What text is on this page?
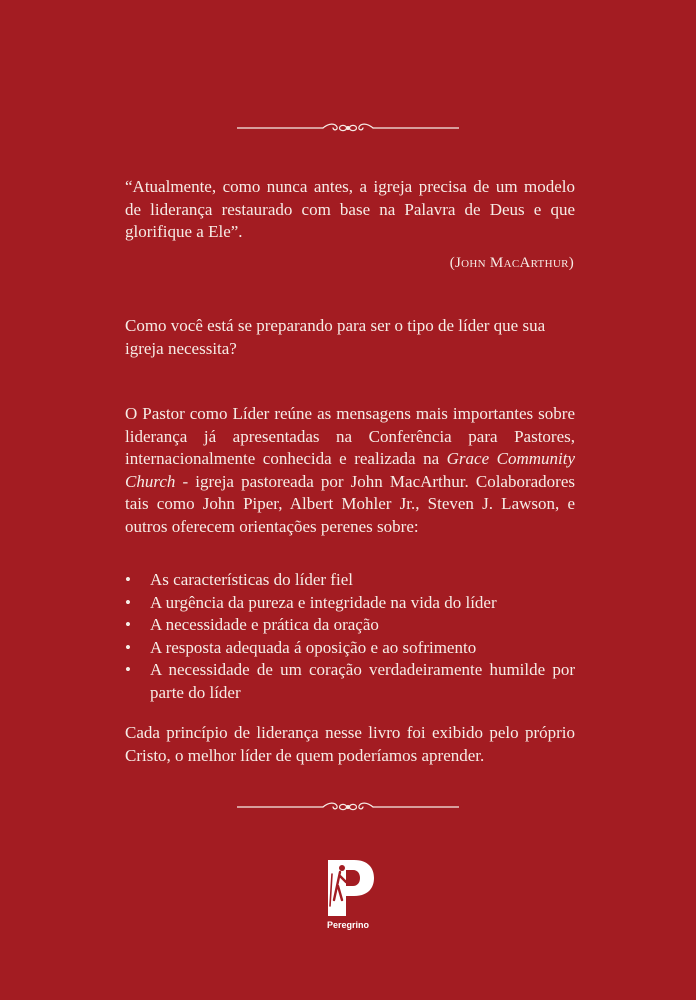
“Atualmente, como nunca antes, a igreja precisa de um modelo de liderança restaurado com base na Palavra de Deus e que glorifique a Ele”.
(John MacArthur)
Como você está se preparando para ser o tipo de líder que sua igreja necessita?
O Pastor como Líder reúne as mensagens mais importantes sobre liderança já apresentadas na Conferência para Pastores, internacionalmente conhecida e realizada na Grace Community Church - igreja pastoreada por John MacArthur. Colaboradores tais como John Piper, Albert Mohler Jr., Steven J. Lawson, e outros oferecem orientações perenes sobre:
• As características do líder fiel
• A urgência da pureza e integridade na vida do líder
• A necessidade e prática da oração
• A resposta adequada á oposição e ao sofrimento
• A necessidade de um coração verdadeiramente humilde por parte do líder
Cada princípio de liderança nesse livro foi exibido pelo próprio Cristo, o melhor líder de quem poderíamos aprender.
Peregrino
